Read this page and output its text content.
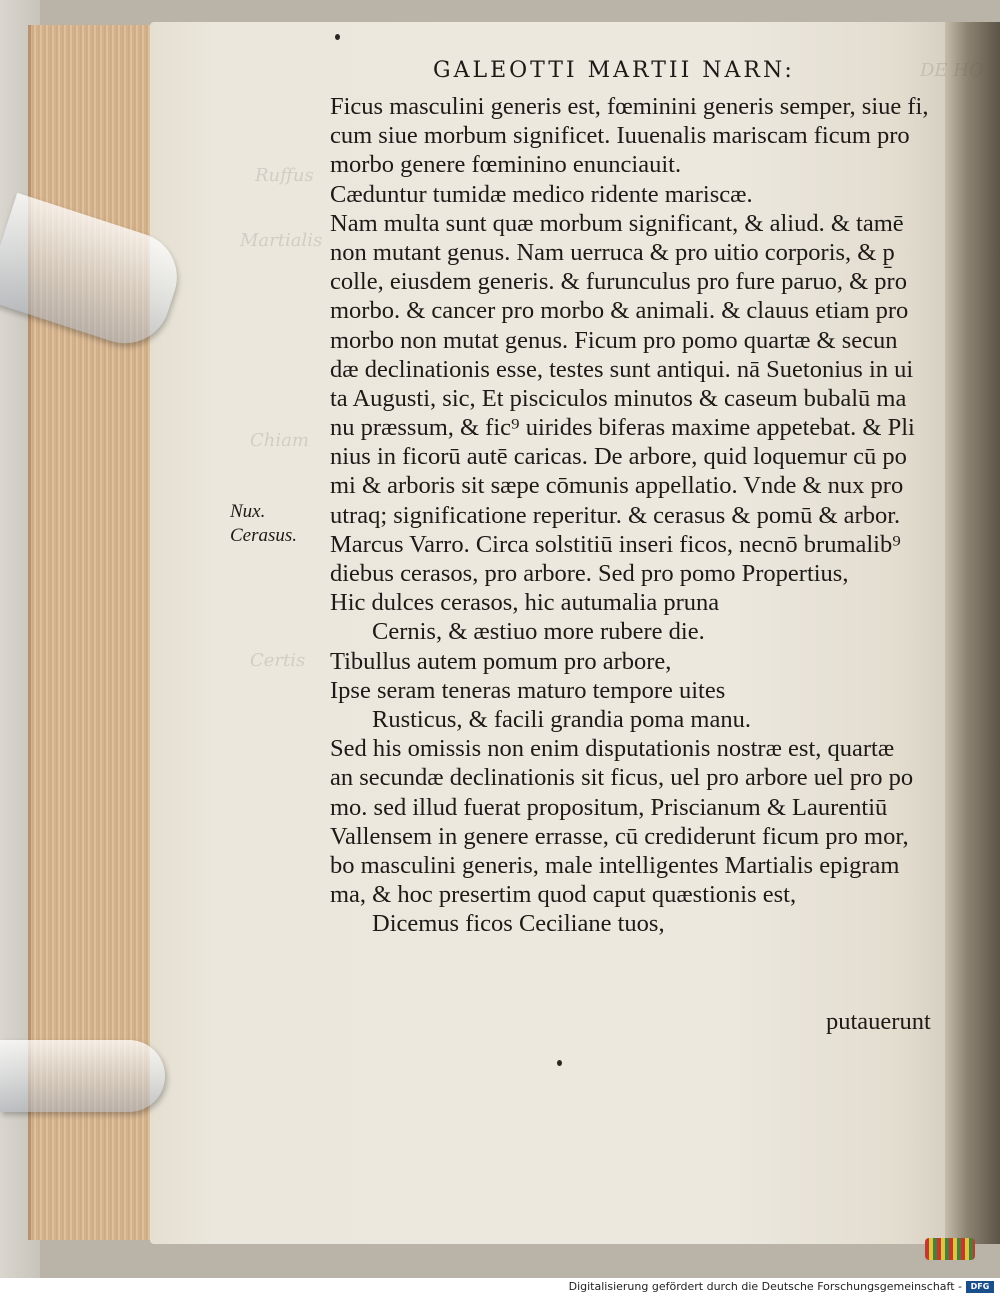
DE HO
Ruffus
Martialis
Chiam
Certis
GALEOTTI MARTII NARN:
Ficus masculini generis est, fœminini generis semper, siue fi,
cum siue morbum significet. Iuuenalis mariscam ficum pro
morbo genere fœminino enunciauit.
Cæduntur tumidæ medico ridente mariscæ.
Nam multa sunt quæ morbum significant, & aliud. & tamē
non mutant genus. Nam uerruca & pro uitio corporis, & p̱
colle, eiusdem generis. & furunculus pro fure paruo, & pro
morbo. & cancer pro morbo & animali. & clauus etiam pro
morbo non mutat genus. Ficum pro pomo quartæ & secun
dæ declinationis esse, testes sunt antiqui. nā Suetonius in ui
ta Augusti, sic, Et pisciculos minutos & caseum bubalū ma
nu præssum, & fic⁹ uirides biferas maxime appetebat. & Pli
nius in ficorū autē caricas. De arbore, quid loquemur cū po
mi & arboris sit sæpe cōmunis appellatio. Vnde & nux pro
utraq; significatione reperitur. & cerasus & pomū & arbor.
Marcus Varro. Circa solstitiū inseri ficos, necnō brumalib⁹
diebus cerasos, pro arbore. Sed pro pomo Propertius,
Hic dulces cerasos, hic autumalia pruna
Cernis, & æstiuo more rubere die.
Tibullus autem pomum pro arbore,
Ipse seram teneras maturo tempore uites
Rusticus, & facili grandia poma manu.
Sed his omissis non enim disputationis nostræ est, quartæ
an secundæ declinationis sit ficus, uel pro arbore uel pro po
mo. sed illud fuerat propositum, Priscianum & Laurentiū
Vallensem in genere errasse, cū crediderunt ficum pro mor,
bo masculini generis, male intelligentes Martialis epigram
ma, & hoc presertim quod caput quæstionis est,
Dicemus ficos Ceciliane tuos,
Nux.
Cerasus.
putauerunt
Digitalisierung gefördert durch die Deutsche Forschungsgemeinschaft -	DFG
